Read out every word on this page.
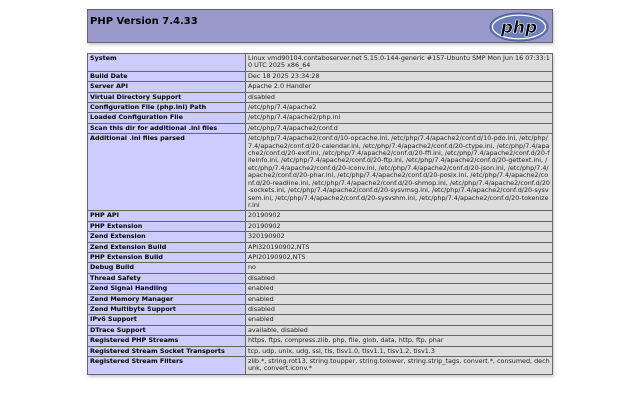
PHP Version 7.4.33	php
System	Linux vmd90104.contaboserver.net 5.15.0-144-generic #157-Ubuntu SMP Mon Jun 16 07:33:10 UTC 2025 x86_64
Build Date	Dec 18 2025 23:34:28
Server API	Apache 2.0 Handler
Virtual Directory Support	disabled
Configuration File (php.ini) Path	/etc/php/7.4/apache2
Loaded Configuration File	/etc/php/7.4/apache2/php.ini
Scan this dir for additional .ini files	/etc/php/7.4/apache2/conf.d
Additional .ini files parsed	/etc/php/7.4/apache2/conf.d/10-opcache.ini, /etc/php/7.4/apache2/conf.d/10-pdo.ini, /etc/php/7.4/apache2/conf.d/20-calendar.ini, /etc/php/7.4/apache2/conf.d/20-ctype.ini, /etc/php/7.4/apache2/conf.d/20-exif.ini, /etc/php/7.4/apache2/conf.d/20-ffi.ini, /etc/php/7.4/apache2/conf.d/20-fileinfo.ini, /etc/php/7.4/apache2/conf.d/20-ftp.ini, /etc/php/7.4/apache2/conf.d/20-gettext.ini, /etc/php/7.4/apache2/conf.d/20-iconv.ini, /etc/php/7.4/apache2/conf.d/20-json.ini, /etc/php/7.4/apache2/conf.d/20-phar.ini, /etc/php/7.4/apache2/conf.d/20-posix.ini, /etc/php/7.4/apache2/conf.d/20-readline.ini, /etc/php/7.4/apache2/conf.d/20-shmop.ini, /etc/php/7.4/apache2/conf.d/20-sockets.ini, /etc/php/7.4/apache2/conf.d/20-sysvmsg.ini, /etc/php/7.4/apache2/conf.d/20-sysvsem.ini, /etc/php/7.4/apache2/conf.d/20-sysvshm.ini, /etc/php/7.4/apache2/conf.d/20-tokenizer.ini
PHP API	20190902
PHP Extension	20190902
Zend Extension	320190902
Zend Extension Build	API320190902,NTS
PHP Extension Build	API20190902,NTS
Debug Build	no
Thread Safety	disabled
Zend Signal Handling	enabled
Zend Memory Manager	enabled
Zend Multibyte Support	disabled
IPv6 Support	enabled
DTrace Support	available, disabled
Registered PHP Streams	https, ftps, compress.zlib, php, file, glob, data, http, ftp, phar
Registered Stream Socket Transports	tcp, udp, unix, udg, ssl, tls, tlsv1.0, tlsv1.1, tlsv1.2, tlsv1.3
Registered Stream Filters	zlib.*, string.rot13, string.toupper, string.tolower, string.strip_tags, convert.*, consumed, dechunk, convert.iconv.*
